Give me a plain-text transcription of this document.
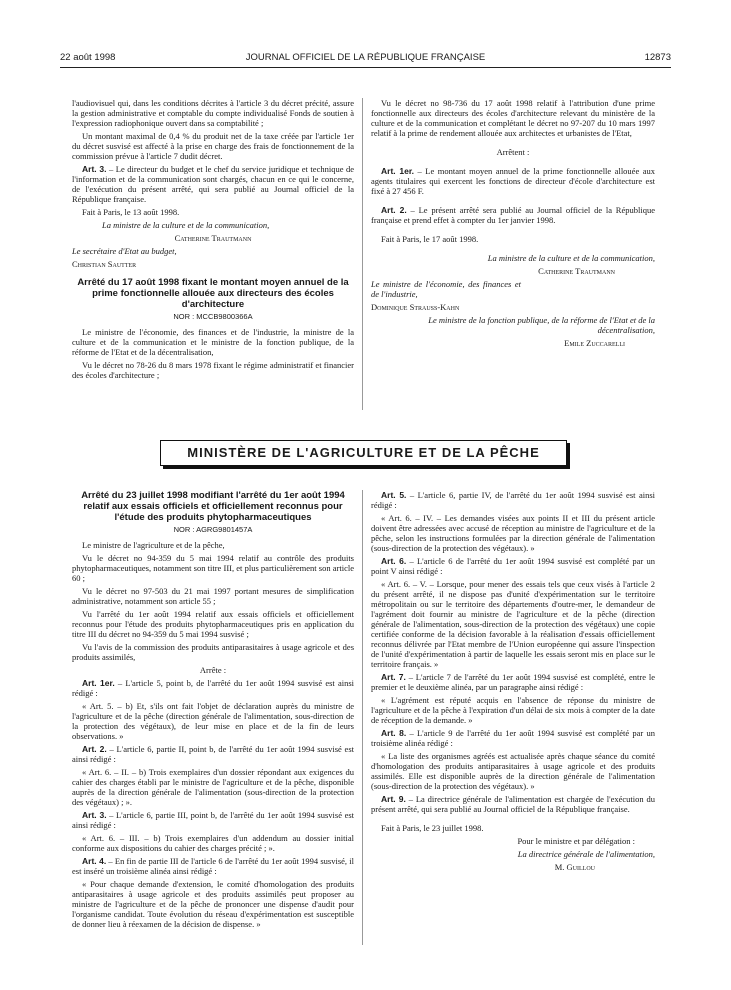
22 août 1998	JOURNAL OFFICIEL DE LA RÉPUBLIQUE FRANÇAISE	12873

l'audiovisuel qui, dans les conditions décrites à l'article 3 du décret précité, assure la gestion administrative et comptable du compte individualisé Fonds de soutien à l'expression radiophonique ouvert dans sa comptabilité ;

Un montant maximal de 0,4 % du produit net de la taxe créée par l'article 1er du décret susvisé est affecté à la prise en charge des frais de fonctionnement de la commission prévue à l'article 7 dudit décret.

Art. 3. – Le directeur du budget et le chef du service juridique et technique de l'information et de la communication sont chargés, chacun en ce qui le concerne, de l'exécution du présent arrêté, qui sera publié au Journal officiel de la République française.

Fait à Paris, le 13 août 1998.

La ministre de la culture et de la communication,

Catherine Trautmann

Le secrétaire d'Etat au budget,

Christian Sautter

Arrêté du 17 août 1998 fixant le montant moyen annuel de la prime fonctionnelle allouée aux directeurs des écoles d'architecture
NOR : MCCB9800366A

Le ministre de l'économie, des finances et de l'industrie, la ministre de la culture et de la communication et le ministre de la fonction publique, de la réforme de l'Etat et de la décentralisation,

Vu le décret no 78-26 du 8 mars 1978 fixant le régime administratif et financier des écoles d'architecture ;

Vu le décret no 98-736 du 17 août 1998 relatif à l'attribution d'une prime fonctionnelle aux directeurs des écoles d'architecture relevant du ministère de la culture et de la communication et complétant le décret no 97-207 du 10 mars 1997 relatif à la prime de rendement allouée aux architectes et urbanistes de l'Etat,

Arrêtent :

Art. 1er. – Le montant moyen annuel de la prime fonctionnelle allouée aux agents titulaires qui exercent les fonctions de directeur d'école d'architecture est fixé à 27 456 F.

Art. 2. – Le présent arrêté sera publié au Journal officiel de la République française et prend effet à compter du 1er janvier 1998.

Fait à Paris, le 17 août 1998.

La ministre de la culture et de la communication,

Catherine Trautmann

Le ministre de l'économie, des finances et de l'industrie,

Dominique Strauss-Kahn

Le ministre de la fonction publique, de la réforme de l'Etat et de la décentralisation,

Emile Zuccarelli

MINISTÈRE DE L'AGRICULTURE ET DE LA PÊCHE
Arrêté du 23 juillet 1998 modifiant l'arrêté du 1er août 1994 relatif aux essais officiels et officiellement reconnus pour l'étude des produits phytopharmaceutiques
NOR : AGRG9801457A

Le ministre de l'agriculture et de la pêche,

Vu le décret no 94-359 du 5 mai 1994 relatif au contrôle des produits phytopharmaceutiques, notamment son titre III, et plus particulièrement son article 60 ;

Vu le décret no 97-503 du 21 mai 1997 portant mesures de simplification administrative, notamment son article 55 ;

Vu l'arrêté du 1er août 1994 relatif aux essais officiels et officiellement reconnus pour l'étude des produits phytopharmaceutiques pris en application du titre III du décret no 94-359 du 5 mai 1994 susvisé ;

Vu l'avis de la commission des produits antiparasitaires à usage agricole et des produits assimilés,

Arrête :

Art. 1er. – L'article 5, point b, de l'arrêté du 1er août 1994 susvisé est ainsi rédigé :

« Art. 5. – b) Et, s'ils ont fait l'objet de déclaration auprès du ministre de l'agriculture et de la pêche (direction générale de l'alimentation, sous-direction de la protection des végétaux), de leur mise en place et de la fin de leurs observations. »

Art. 2. – L'article 6, partie II, point b, de l'arrêté du 1er août 1994 susvisé est ainsi rédigé :

« Art. 6. – II. – b) Trois exemplaires d'un dossier répondant aux exigences du cahier des charges établi par le ministre de l'agriculture et de la pêche, disponible auprès de la direction générale de l'alimentation (sous-direction de la protection des végétaux) ; ».

Art. 3. – L'article 6, partie III, point b, de l'arrêté du 1er août 1994 susvisé est ainsi rédigé :

« Art. 6. – III. – b) Trois exemplaires d'un addendum au dossier initial conforme aux dispositions du cahier des charges précité ; ».

Art. 4. – En fin de partie III de l'article 6 de l'arrêté du 1er août 1994 susvisé, il est inséré un troisième alinéa ainsi rédigé :

« Pour chaque demande d'extension, le comité d'homologation des produits antiparasitaires à usage agricole et des produits assimilés peut proposer au ministre de l'agriculture et de la pêche de prononcer une dispense d'audit pour l'organisme candidat. Toute évolution du réseau d'expérimentation est susceptible de donner lieu à réexamen de la décision de dispense. »

Art. 5. – L'article 6, partie IV, de l'arrêté du 1er août 1994 susvisé est ainsi rédigé :

« Art. 6. – IV. – Les demandes visées aux points II et III du présent article doivent être adressées avec accusé de réception au ministre de l'agriculture et de la pêche, selon les instructions formulées par la direction générale de l'alimentation (sous-direction de la protection des végétaux). »

Art. 6. – L'article 6 de l'arrêté du 1er août 1994 susvisé est complété par un point V ainsi rédigé :

« Art. 6. – V. – Lorsque, pour mener des essais tels que ceux visés à l'article 2 du présent arrêté, il ne dispose pas d'unité d'expérimentation sur le territoire métropolitain ou sur le territoire des départements d'outre-mer, le demandeur de l'agrément doit fournir au ministre de l'agriculture et de la pêche (direction générale de l'alimentation, sous-direction de la protection des végétaux) une copie certifiée conforme de la décision favorable à la réalisation d'essais officiellement reconnus délivrée par l'Etat membre de l'Union européenne qui assure l'inspection de l'unité d'expérimentation à partir de laquelle les essais seront mis en place sur le territoire français. »

Art. 7. – L'article 7 de l'arrêté du 1er août 1994 susvisé est complété, entre le premier et le deuxième alinéa, par un paragraphe ainsi rédigé :

« L'agrément est réputé acquis en l'absence de réponse du ministre de l'agriculture et de la pêche à l'expiration d'un délai de six mois à compter de la date de réception de la demande. »

Art. 8. – L'article 9 de l'arrêté du 1er août 1994 susvisé est complété par un troisième alinéa rédigé :

« La liste des organismes agréés est actualisée après chaque séance du comité d'homologation des produits antiparasitaires à usage agricole et des produits assimilés. Elle est disponible auprès de la direction générale de l'alimentation (sous-direction de la protection des végétaux). »

Art. 9. – La directrice générale de l'alimentation est chargée de l'exécution du présent arrêté, qui sera publié au Journal officiel de la République française.

Fait à Paris, le 23 juillet 1998.

Pour le ministre et par délégation :

La directrice générale de l'alimentation,

M. Guillou
